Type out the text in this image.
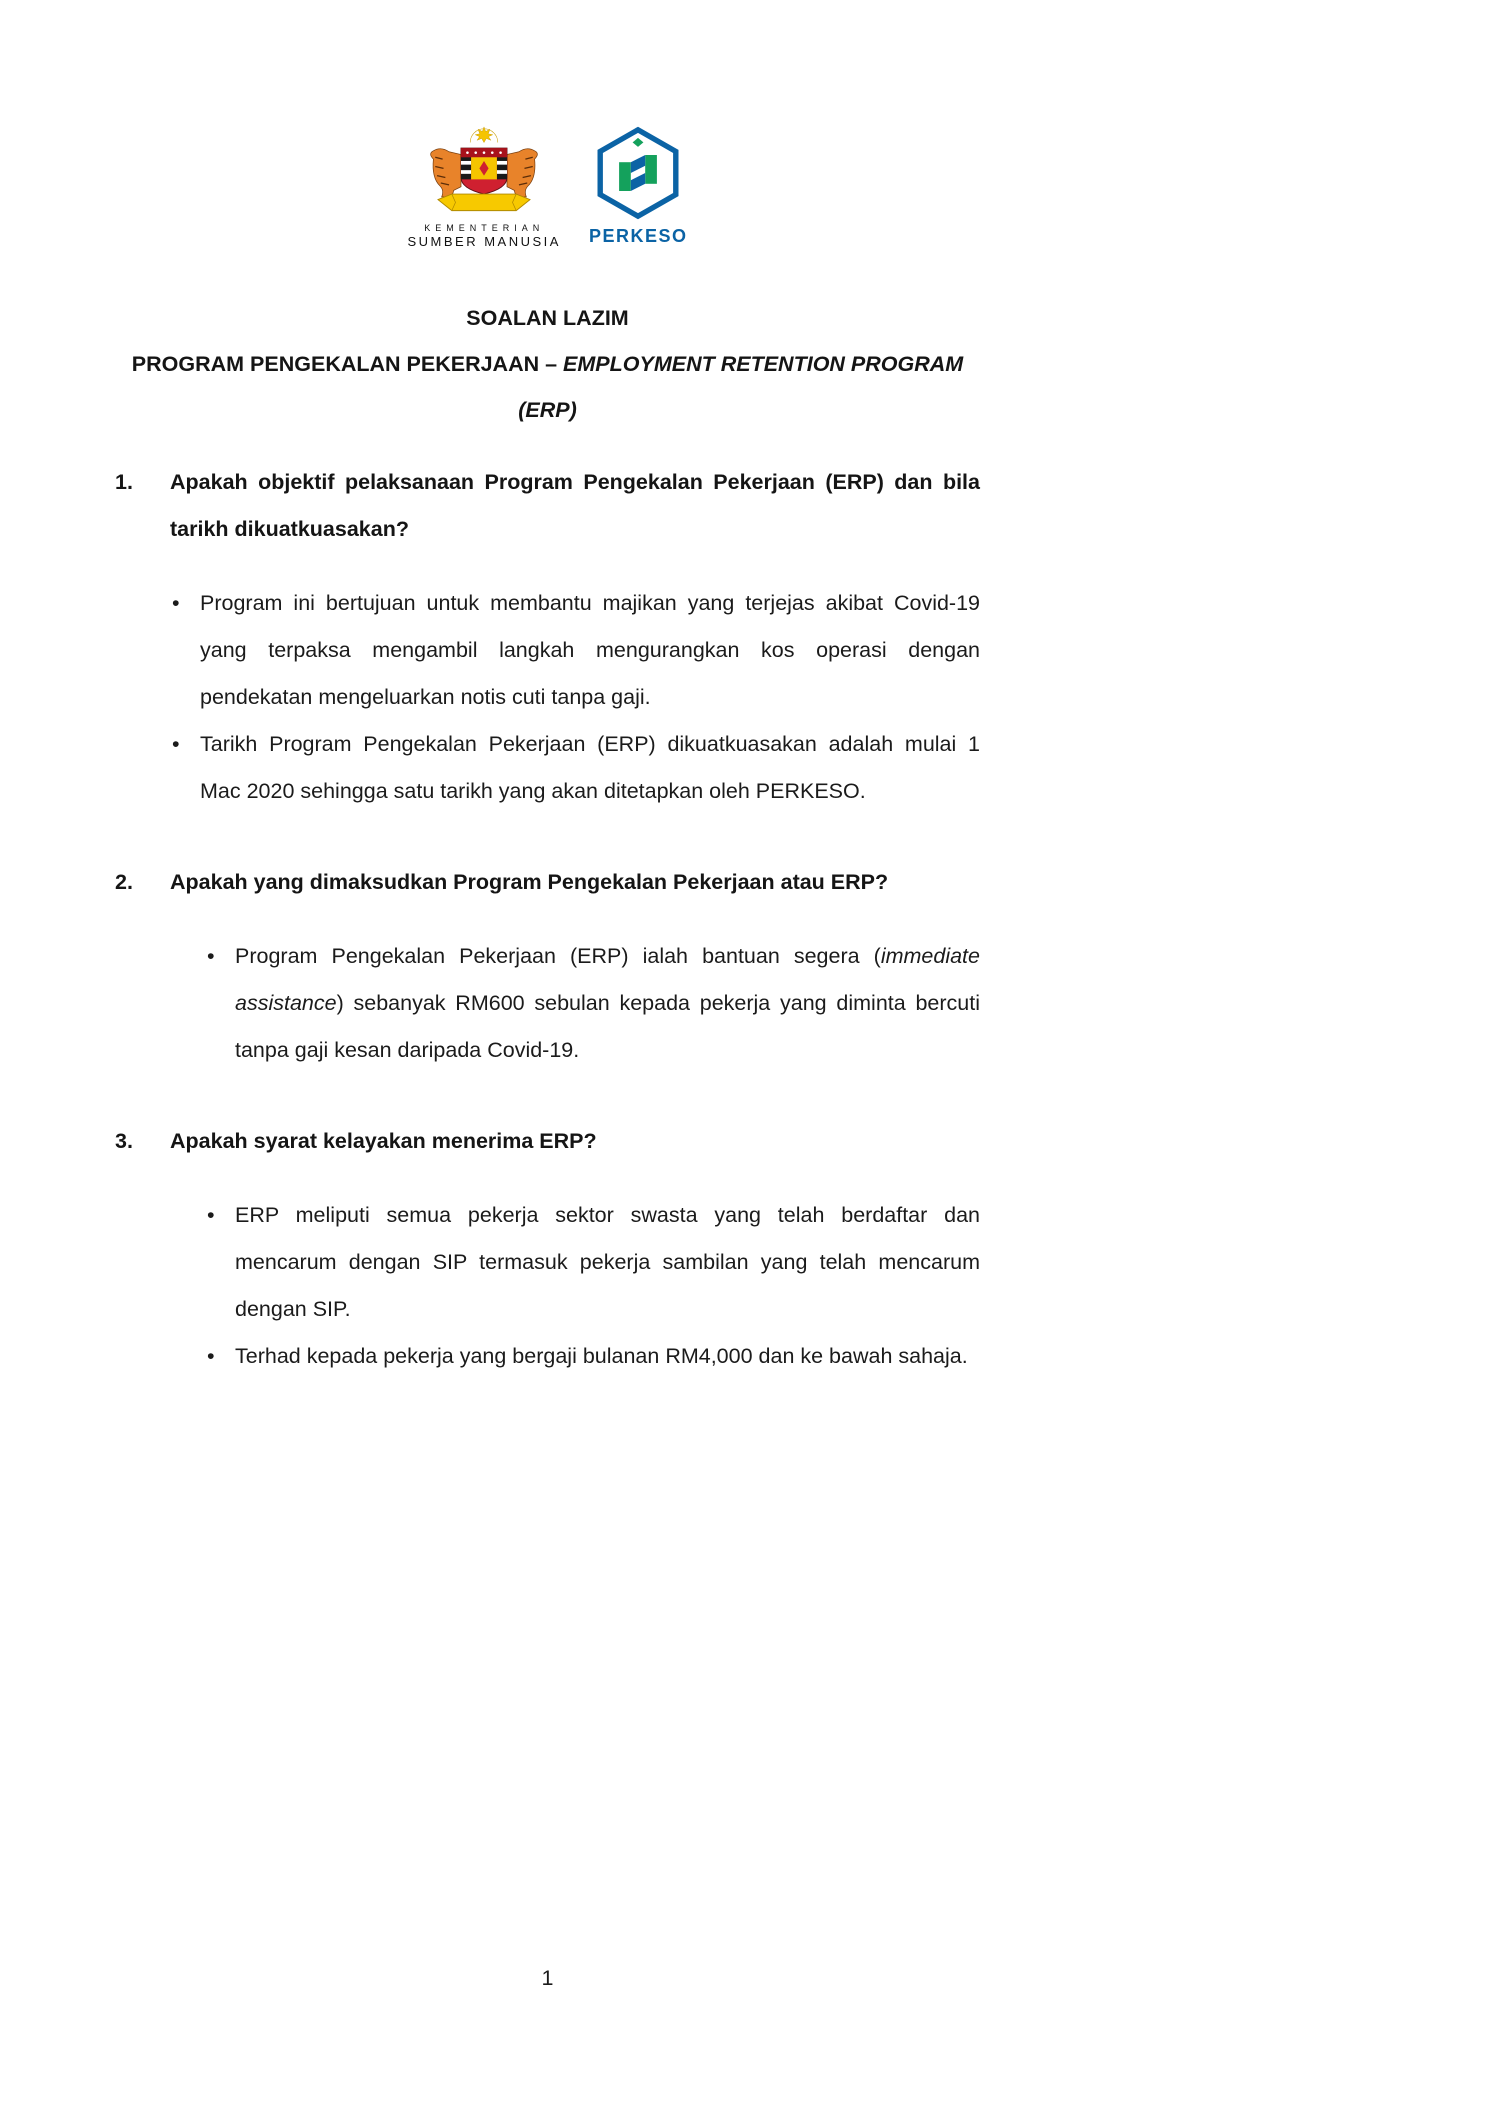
KEMENTERIAN
SUMBER MANUSIA PERKESO
SOALAN LAZIM
PROGRAM PENGEKALAN PEKERJAAN – EMPLOYMENT RETENTION PROGRAM
(ERP)
1.	Apakah objektif pelaksanaan Program Pengekalan Pekerjaan (ERP) dan bila tarikh dikuatkuasakan?
• Program ini bertujuan untuk membantu majikan yang terjejas akibat Covid-19 yang terpaksa mengambil langkah mengurangkan kos operasi dengan pendekatan mengeluarkan notis cuti tanpa gaji.
• Tarikh Program Pengekalan Pekerjaan (ERP) dikuatkuasakan adalah mulai 1 Mac 2020 sehingga satu tarikh yang akan ditetapkan oleh PERKESO.
2.	Apakah yang dimaksudkan Program Pengekalan Pekerjaan atau ERP?
• Program Pengekalan Pekerjaan (ERP) ialah bantuan segera (immediate assistance) sebanyak RM600 sebulan kepada pekerja yang diminta bercuti tanpa gaji kesan daripada Covid-19.
3.	Apakah syarat kelayakan menerima ERP?
• ERP meliputi semua pekerja sektor swasta yang telah berdaftar dan mencarum dengan SIP termasuk pekerja sambilan yang telah mencarum dengan SIP.
• Terhad kepada pekerja yang bergaji bulanan RM4,000 dan ke bawah sahaja.
1
